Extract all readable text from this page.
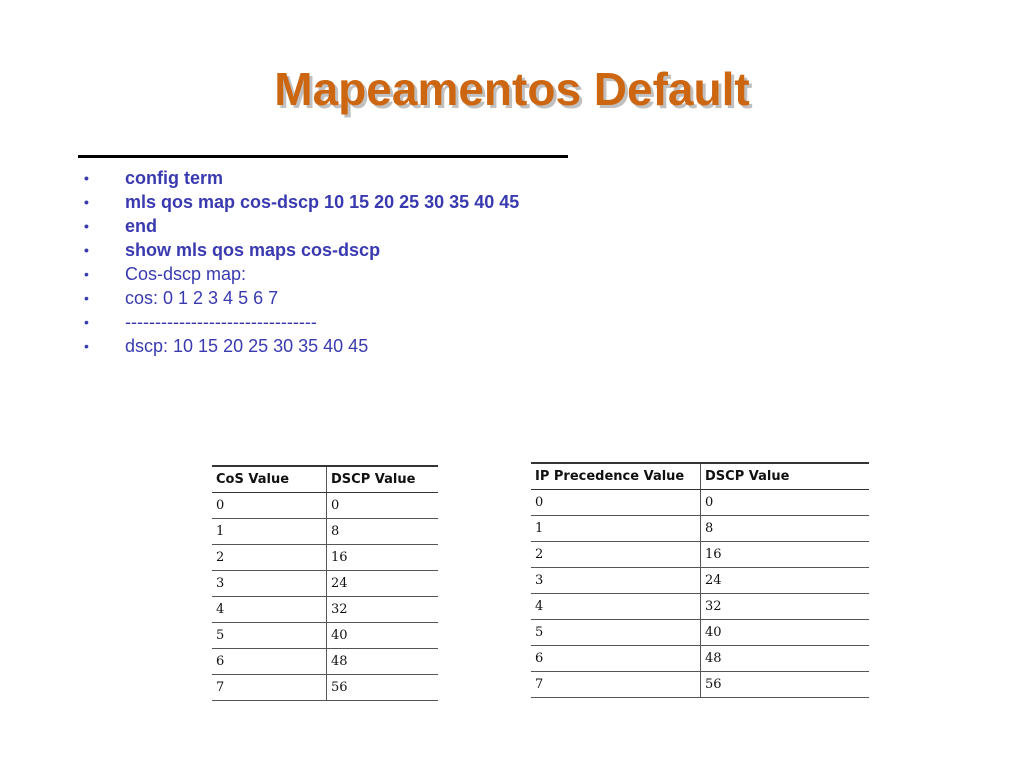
Mapeamentos Default
•	config term
•	mls qos map cos-dscp 10 15 20 25 30 35 40 45
•	end
•	show mls qos maps cos-dscp
•	Cos-dscp map:
•	cos: 0 1 2 3 4 5 6 7
•	--------------------------------
•	dscp: 10 15 20 25 30 35 40 45
CoS Value	DSCP Value
0	0
1	8
2	16
3	24
4	32
5	40
6	48
7	56
IP Precedence Value	DSCP Value
0	0
1	8
2	16
3	24
4	32
5	40
6	48
7	56
